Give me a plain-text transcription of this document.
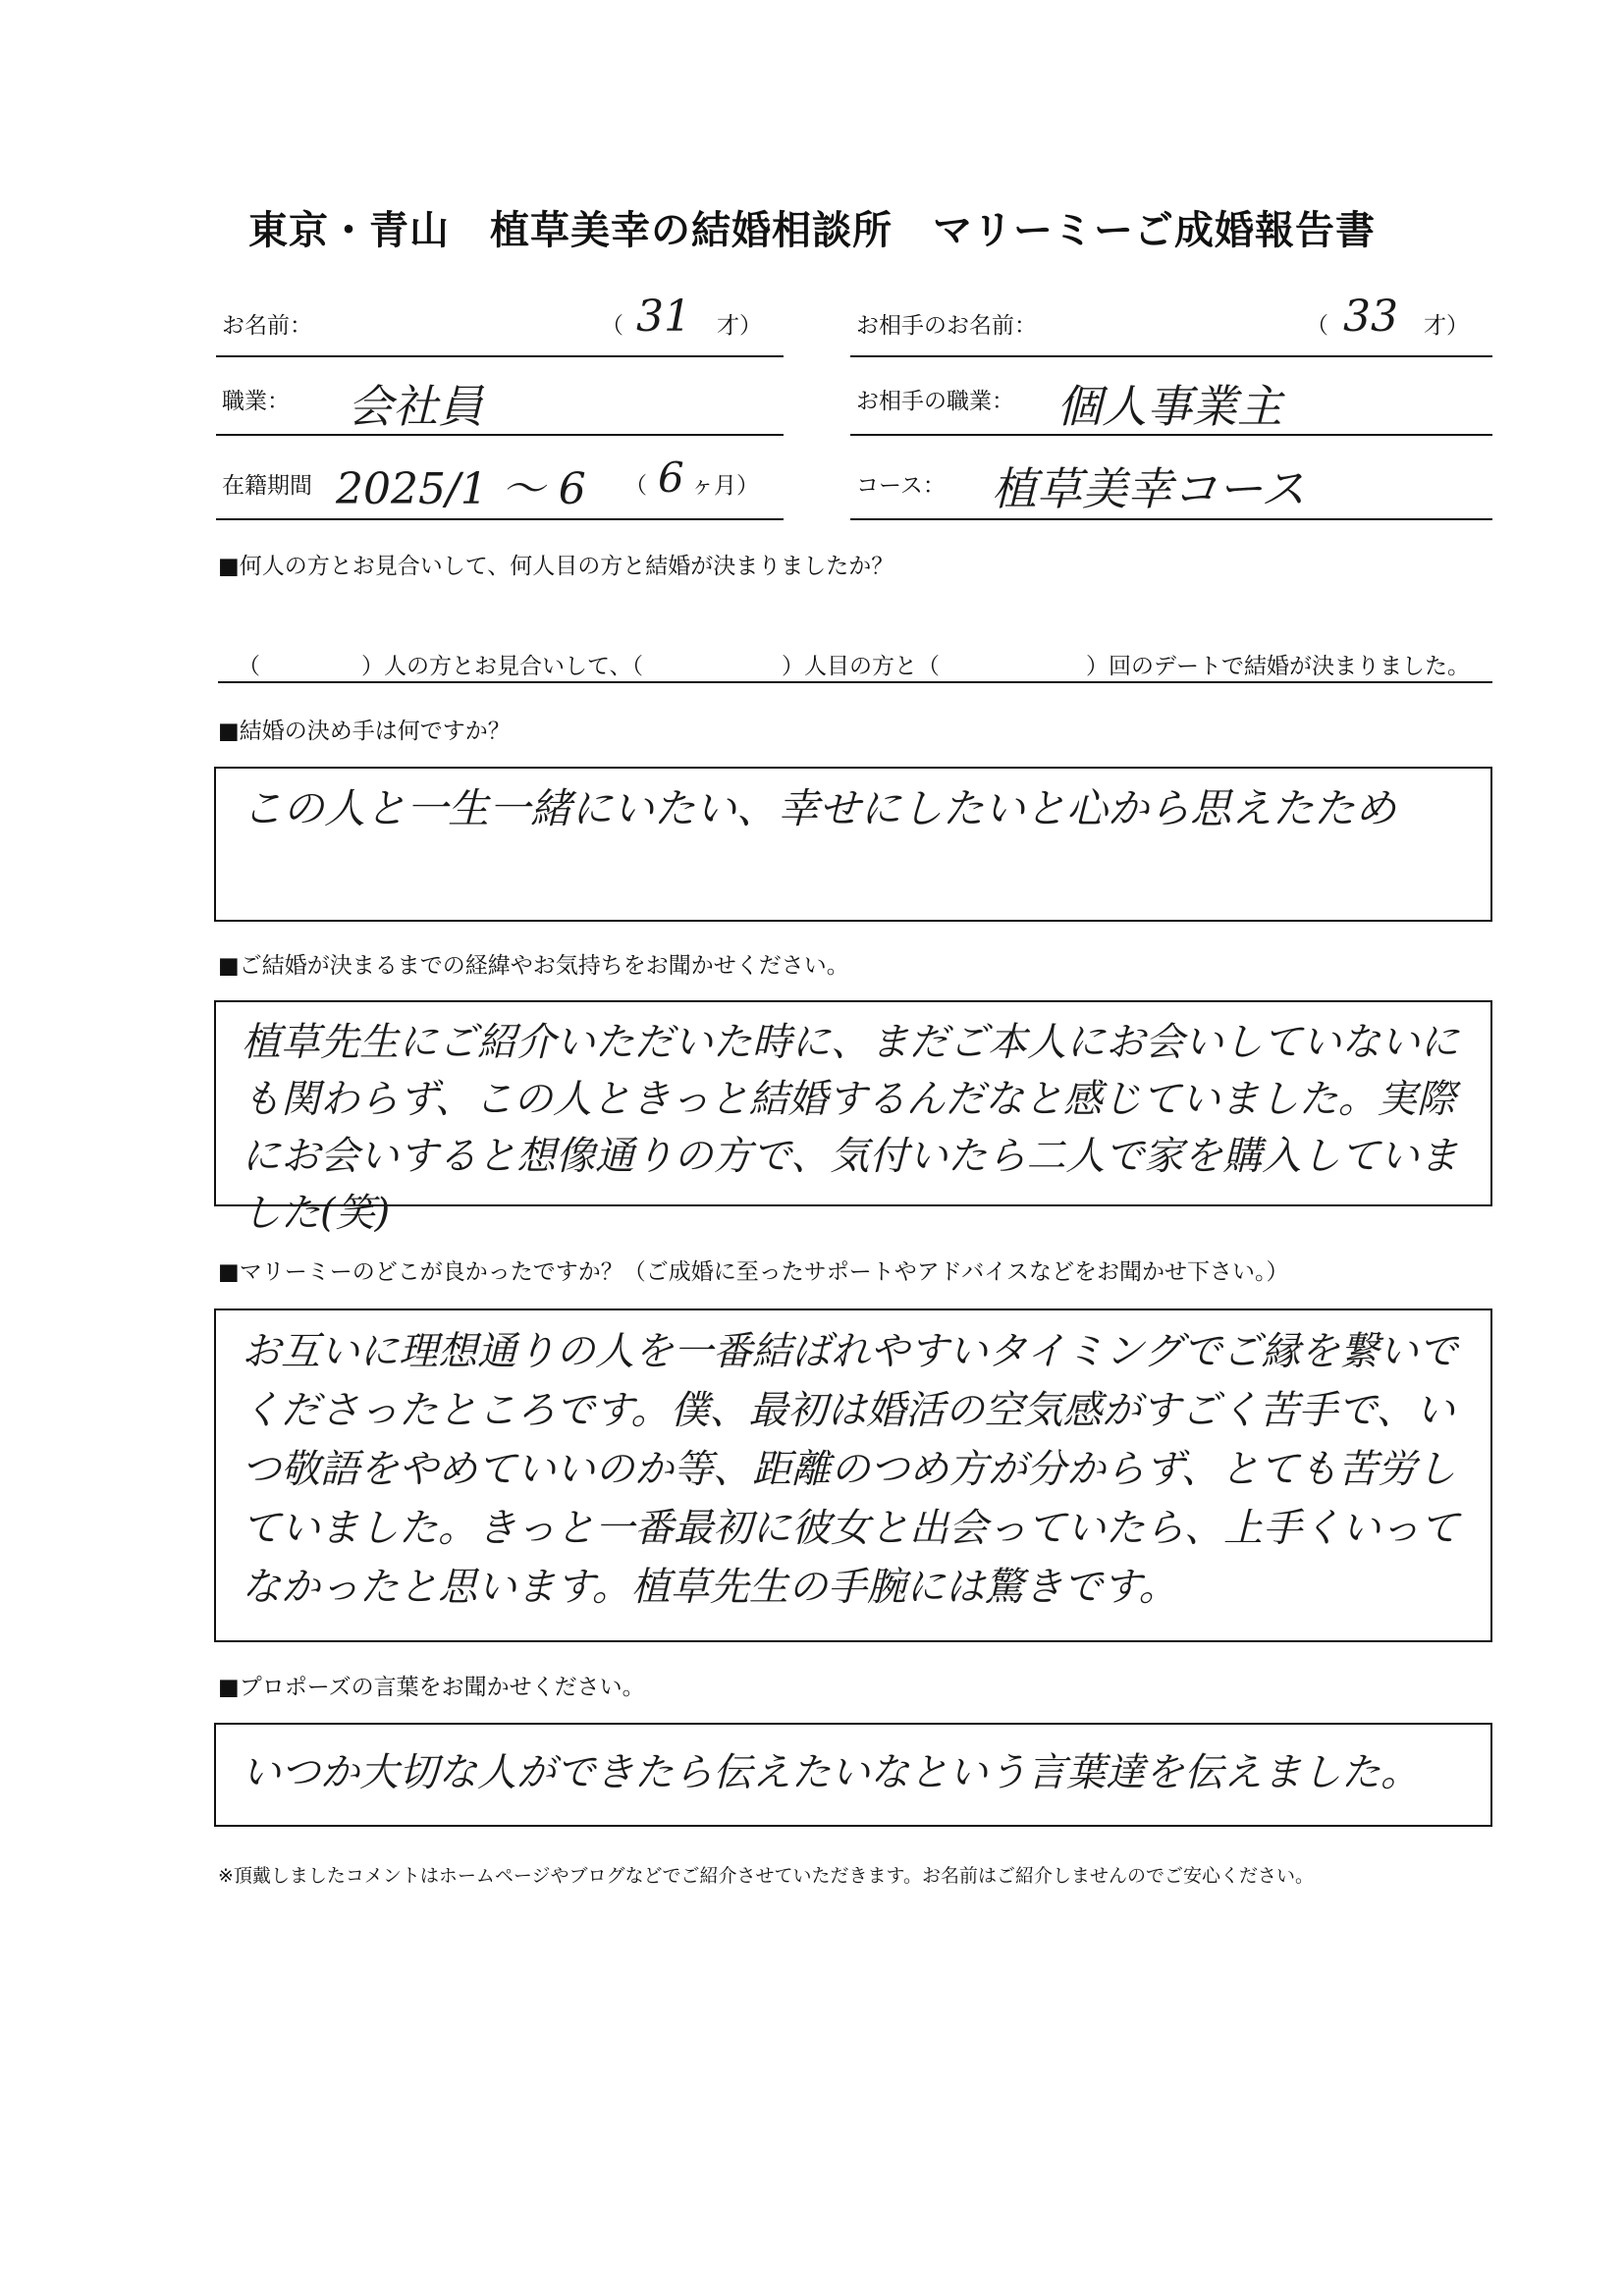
東京・青山　植草美幸の結婚相談所　マリーミーご成婚報告書
お名前：	（ 31 才）	お相手のお名前：	（ 33 才）
職業： 会社員	お相手の職業： 個人事業主
在籍期間 2025/1 ～ 6 （ 6 ヶ月）	コース： 植草美幸コース
■何人の方とお見合いして、何人目の方と結婚が決まりましたか？
（	）人の方とお見合いして、（	）人目の方と（	）回のデートで結婚が決まりました。
■結婚の決め手は何ですか？
この人と一生一緒にいたい、幸せにしたいと心から思えたため
■ご結婚が決まるまでの経緯やお気持ちをお聞かせください。
植草先生にご紹介いただいた時に、まだご本人にお会いしていないにも関わらず、この人ときっと結婚するんだなと感じていました。実際にお会いすると想像通りの方で、気付いたら二人で家を購入していました(笑)
■マリーミーのどこが良かったですか？（ご成婚に至ったサポートやアドバイスなどをお聞かせ下さい。）
お互いに理想通りの人を一番結ばれやすいタイミングでご縁を繋いでくださったところです。僕、最初は婚活の空気感がすごく苦手で、いつ敬語をやめていいのか等、距離のつめ方が分からず、とても苦労していました。きっと一番最初に彼女と出会っていたら、上手くいってなかったと思います。植草先生の手腕には驚きです。
■プロポーズの言葉をお聞かせください。
いつか大切な人ができたら伝えたいなという言葉達を伝えました。
※頂戴しましたコメントはホームページやブログなどでご紹介させていただきます。お名前はご紹介しませんのでご安心ください。
